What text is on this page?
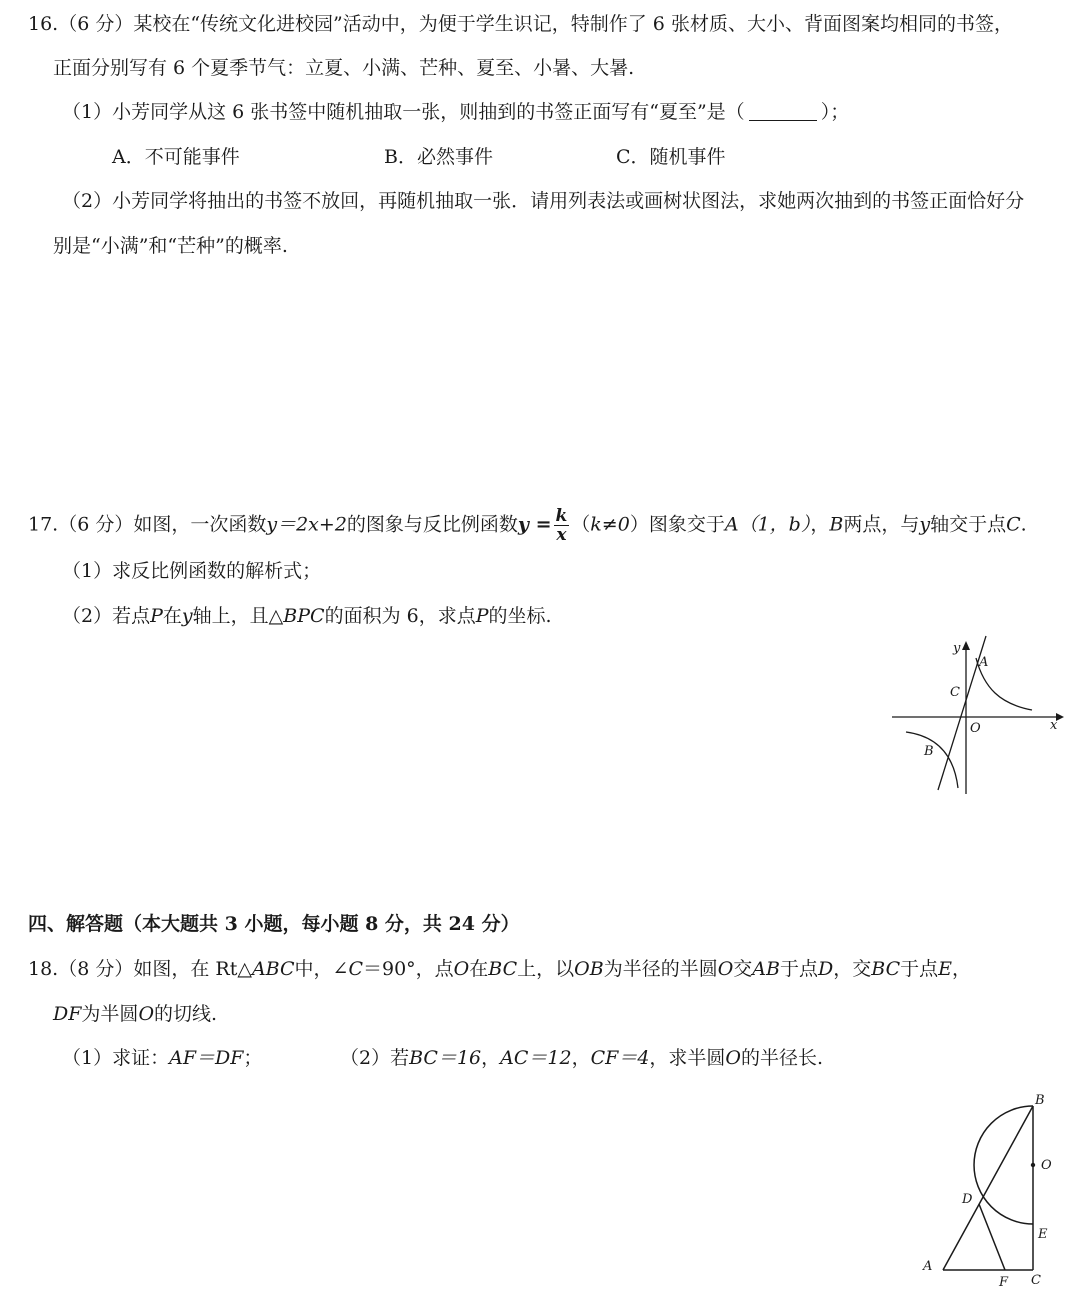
16.（6 分）某校在“传统文化进校园”活动中，为便于学生识记，特制作了 6 张材质、大小、背面图案均相同的书签，
正面分别写有 6 个夏季节气：立夏、小满、芒种、夏至、小暑、大暑.
（1）小芳同学从这 6 张书签中随机抽取一张，则抽到的书签正面写有“夏至”是（	）；
A．不可能事件	B．必然事件	C．随机事件
（2）小芳同学将抽出的书签不放回，再随机抽取一张．请用列表法或画树状图法，求她两次抽到的书签正面恰好分
别是“小满”和“芒种”的概率.
17.（6 分）如图，一次函数y＝2x+2的图象与反比例函数$y = \frac{k}{x} (k\ne 0)$图象交于A（1，b），B两点，与y轴交于点C.
（1）求反比例函数的解析式；
（2）若点P在y轴上，且△BPC的面积为 6，求点P的坐标.
y
A
C
O	x
B
四、解答题（本大题共 3 小题，每小题 8 分，共 24 分）
18.（8 分）如图，在 Rt△ABC中，∠C＝90°，点O在BC上，以OB为半径的半圆O交AB于点D，交BC于点E，
DF为半圆O的切线.
（1）求证：AF＝DF；	（2）若BC＝16，AC＝12，CF＝4，求半圆O的半径长.
B
O
D
E
A
F C
